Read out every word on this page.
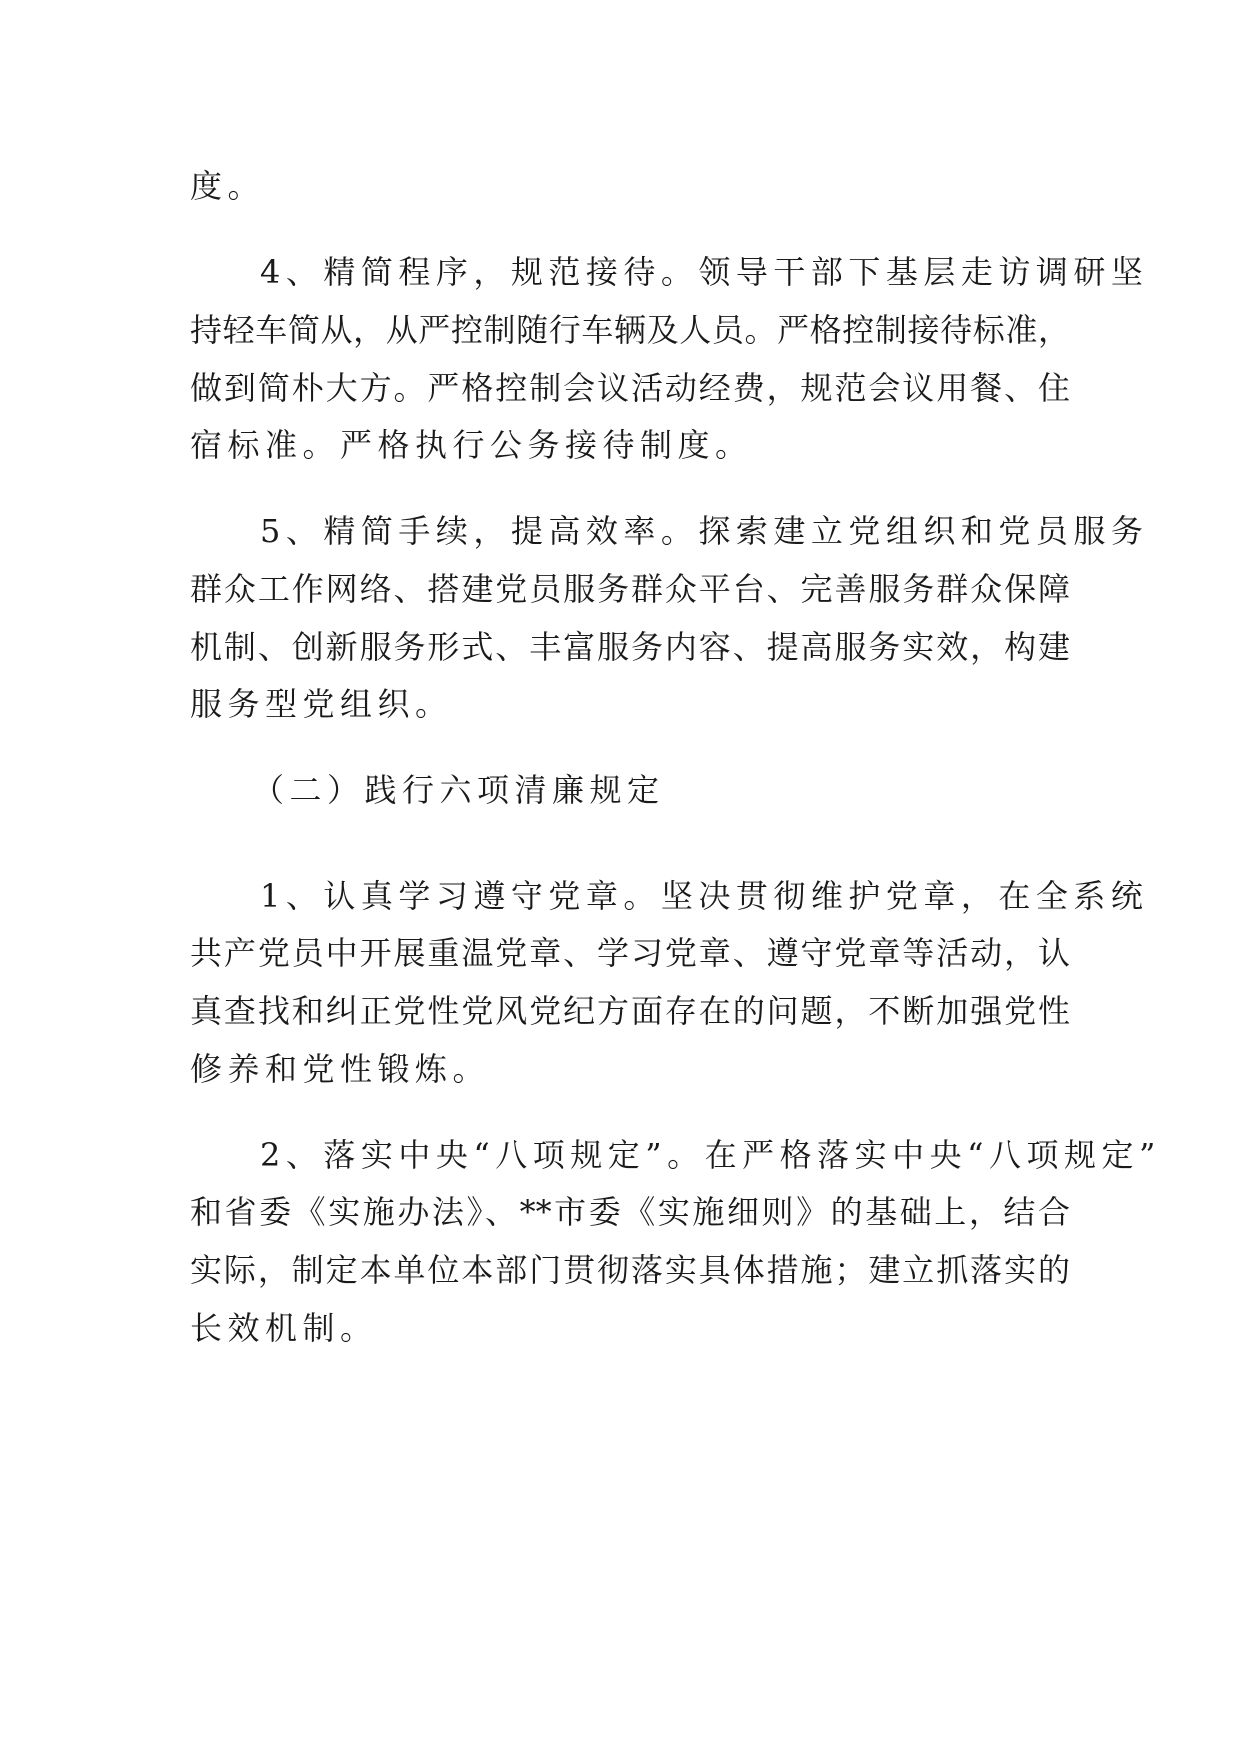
度。
4、精简程序，规范接待。领导干部下基层走访调研坚
持轻车简从，从严控制随行车辆及人员。严格控制接待标准，
做到简朴大方。严格控制会议活动经费，规范会议用餐、住
宿标准。严格执行公务接待制度。
5、精简手续，提高效率。探索建立党组织和党员服务
群众工作网络、搭建党员服务群众平台、完善服务群众保障
机制、创新服务形式、丰富服务内容、提高服务实效，构建
服务型党组织。
（二）践行六项清廉规定
1、认真学习遵守党章。坚决贯彻维护党章，在全系统
共产党员中开展重温党章、学习党章、遵守党章等活动，认
真查找和纠正党性党风党纪方面存在的问题，不断加强党性
修养和党性锻炼。
2、落实中央“八项规定”。在严格落实中央“八项规定”
和省委《实施办法》、**市委《实施细则》的基础上，结合
实际，制定本单位本部门贯彻落实具体措施；建立抓落实的
长效机制。
